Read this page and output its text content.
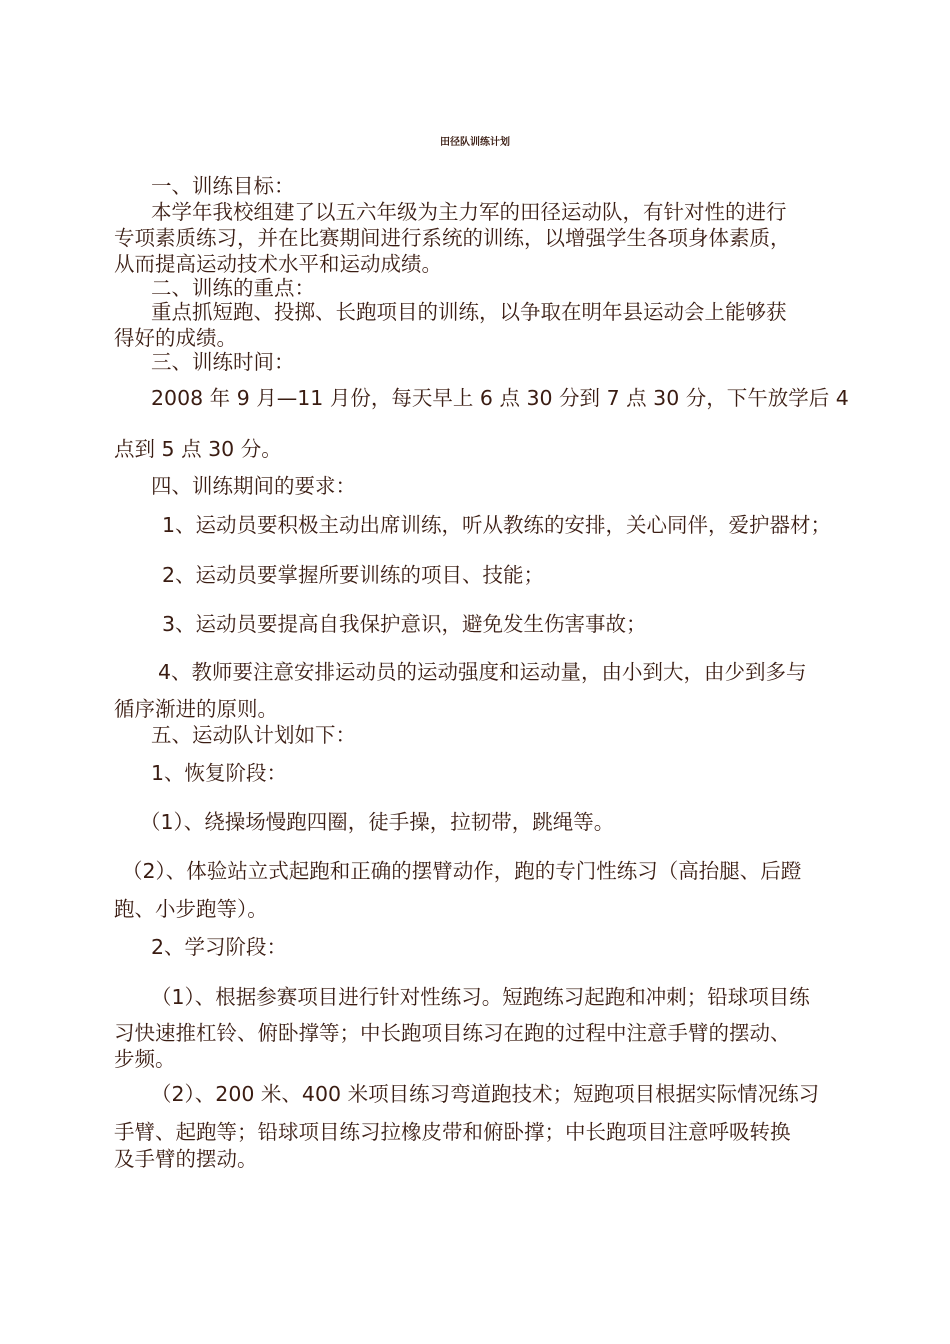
田径队训练计划
一、训练目标：
本学年我校组建了以五六年级为主力军的田径运动队，有针对性的进行
专项素质练习，并在比赛期间进行系统的训练，以增强学生各项身体素质，
从而提高运动技术水平和运动成绩。
二、训练的重点：
重点抓短跑、投掷、长跑项目的训练，以争取在明年县运动会上能够获
得好的成绩。
三、训练时间：
2008 年 9 月—11 月份，每天早上 6 点 30 分到 7 点 30 分，下午放学后 4
点到 5 点 30 分。
四、训练期间的要求：
1、运动员要积极主动出席训练，听从教练的安排，关心同伴，爱护器材；
2、运动员要掌握所要训练的项目、技能；
3、运动员要提高自我保护意识，避免发生伤害事故；
4、教师要注意安排运动员的运动强度和运动量，由小到大，由少到多与
循序渐进的原则。
五、运动队计划如下：
1、恢复阶段：
（1）、绕操场慢跑四圈，徒手操，拉韧带，跳绳等。
（2）、体验站立式起跑和正确的摆臂动作，跑的专门性练习（高抬腿、后蹬
跑、小步跑等）。
2、学习阶段：
（1）、根据参赛项目进行针对性练习。短跑练习起跑和冲刺；铅球项目练
习快速推杠铃、俯卧撑等；中长跑项目练习在跑的过程中注意手臂的摆动、
步频。
（2）、200 米、400 米项目练习弯道跑技术；短跑项目根据实际情况练习
手臂、起跑等；铅球项目练习拉橡皮带和俯卧撑；中长跑项目注意呼吸转换
及手臂的摆动。
